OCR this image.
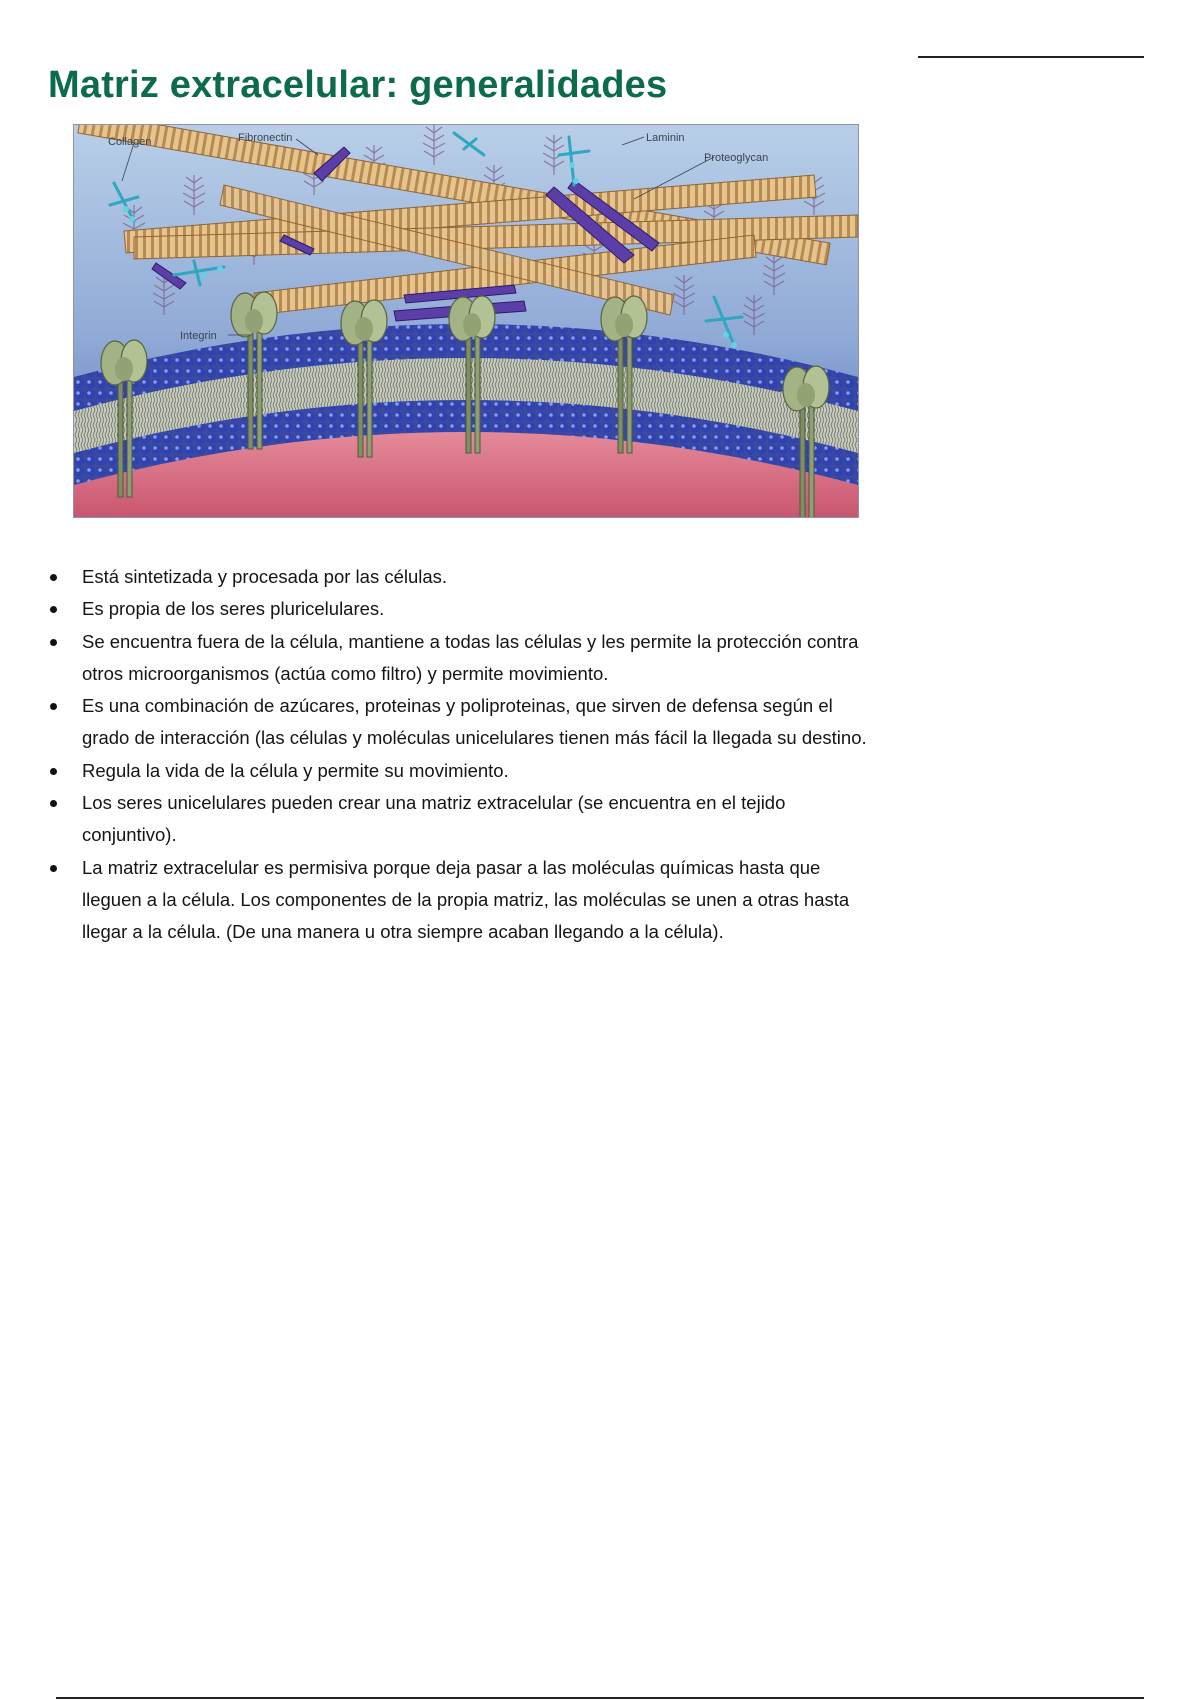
Matriz extracelular: generalidades
Collagen	Fibronectin	Laminin
Proteoglycan
Integrin
Está sintetizada y procesada por las células.
Es propia de los seres pluricelulares.
Se encuentra fuera de la célula, mantiene a todas las células y les permite la protección contra otros microorganismos (actúa como filtro) y permite movimiento.
Es una combinación de azúcares, proteinas y poliproteinas, que sirven de defensa según el grado de interacción (las células y moléculas unicelulares tienen más fácil la llegada su destino.
Regula la vida de la célula y permite su movimiento.
Los seres unicelulares pueden crear una matriz extracelular (se encuentra en el tejido conjuntivo).
La matriz extracelular es permisiva porque deja pasar a las moléculas químicas hasta que lleguen a la célula. Los componentes de la propia matriz, las moléculas se unen a otras hasta llegar a la célula. (De una manera u otra siempre acaban llegando a la célula).
